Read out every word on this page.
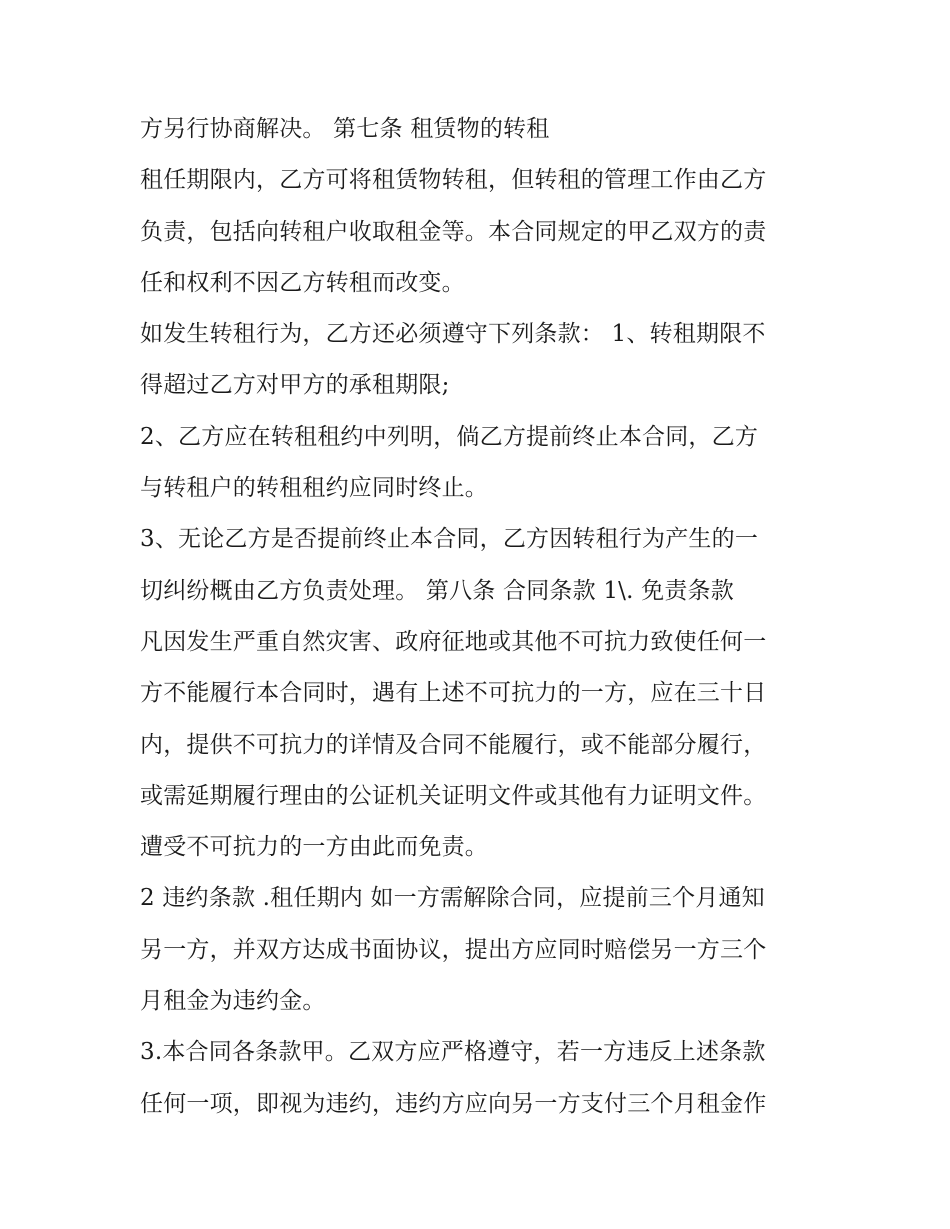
方另行协商解决。 第七条 租赁物的转租
租任期限内，乙方可将租赁物转租，但转租的管理工作由乙方
负责，包括向转租户收取租金等。本合同规定的甲乙双方的责
任和权利不因乙方转租而改变。
如发生转租行为，乙方还必须遵守下列条款： 1、转租期限不
得超过乙方对甲方的承租期限;
2、乙方应在转租租约中列明，倘乙方提前终止本合同，乙方
与转租户的转租租约应同时终止。
3、无论乙方是否提前终止本合同，乙方因转租行为产生的一
切纠纷概由乙方负责处理。 第八条 合同条款 1\. 免责条款
凡因发生严重自然灾害、政府征地或其他不可抗力致使任何一
方不能履行本合同时，遇有上述不可抗力的一方，应在三十日
内，提供不可抗力的详情及合同不能履行，或不能部分履行，
或需延期履行理由的公证机关证明文件或其他有力证明文件。
遭受不可抗力的一方由此而免责。
2 违约条款 .租任期内 如一方需解除合同，应提前三个月通知
另一方，并双方达成书面协议，提出方应同时赔偿另一方三个
月租金为违约金。
3.本合同各条款甲。乙双方应严格遵守，若一方违反上述条款
任何一项，即视为违约，违约方应向另一方支付三个月租金作
